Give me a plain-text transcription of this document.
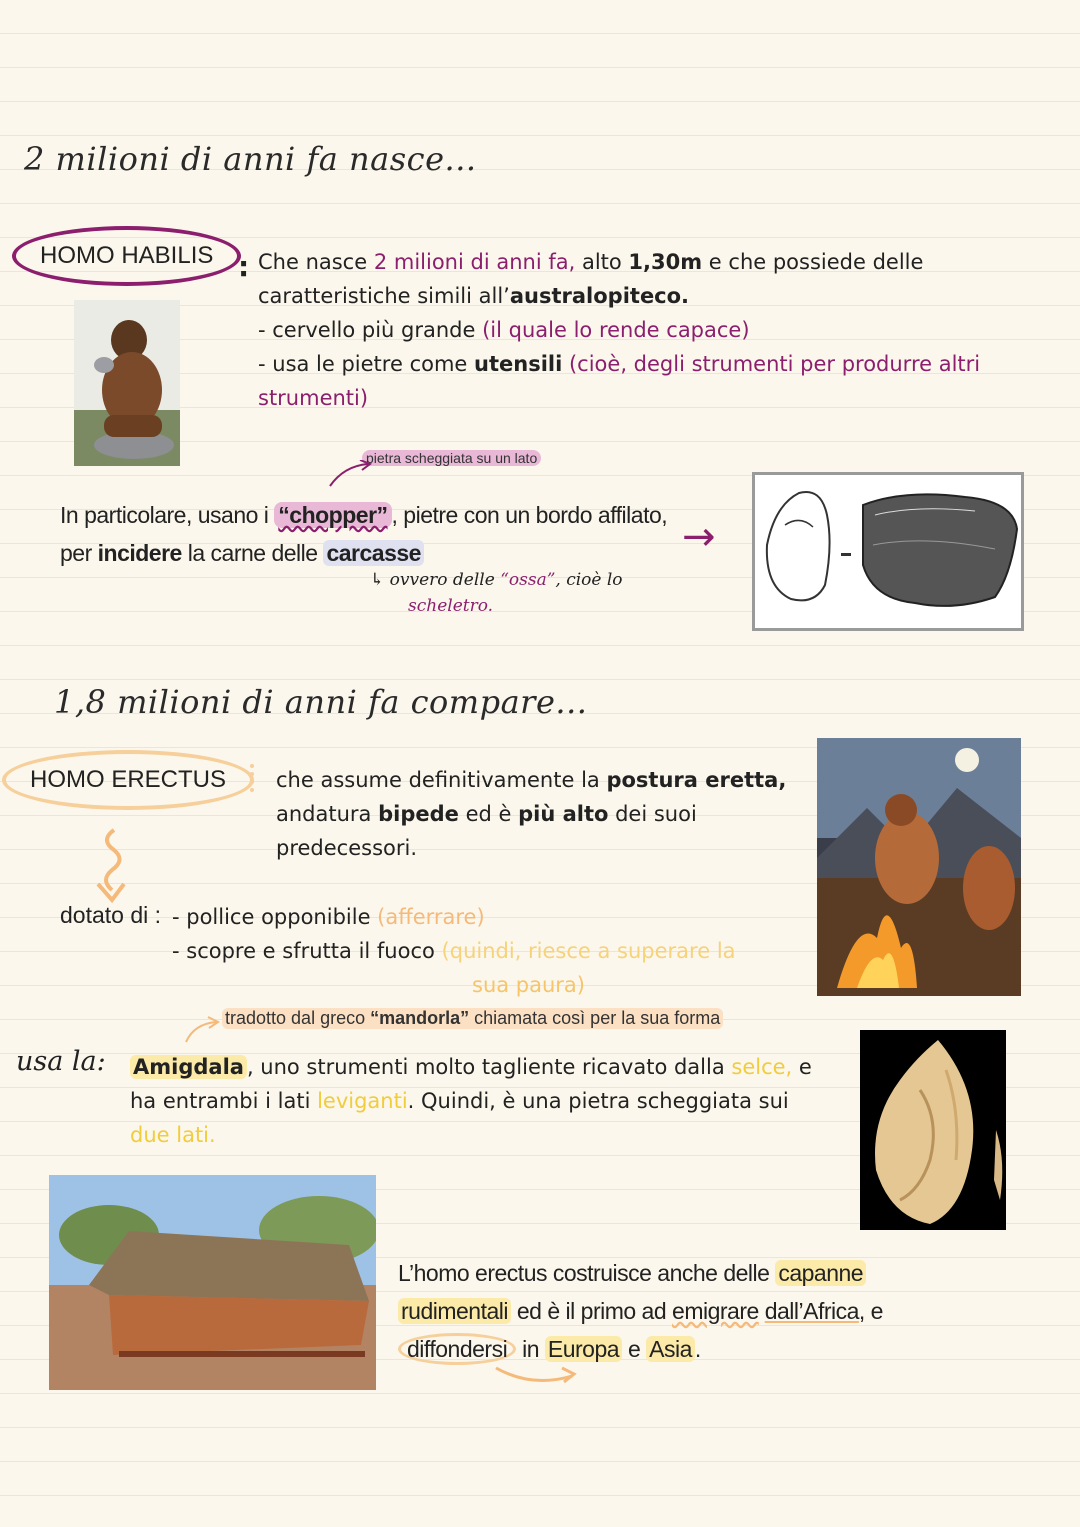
2 milioni di anni fa nasce...
HOMO HABILIS : Che nasce 2 milioni di anni fa, alto 1,30m e che possiede delle
caratteristiche simili all’australopiteco.
- cervello più grande (il quale lo rende capace)
- usa le pietre come utensili (cioè, degli strumenti per produrre altri
strumenti)
pietra scheggiata su un lato
In particolare, usano i “chopper” , pietre con un bordo affilato,
per incidere la carne delle carcasse
↳ ovvero delle “ossa”, cioè lo
scheletro.
→
1,8 milioni di anni fa compare...
HOMO ERECTUS	che assume definitivamente la postura eretta,
andatura bipede ed è più alto dei suoi
predecessori.
dotato di : - pollice opponibile (afferrare)
- scopre e sfrutta il fuoco (quindi, riesce a superare la
sua paura)
tradotto dal greco “mandorla” chiamata così per la sua forma
usa la: Amigdala , uno strumenti molto tagliente ricavato dalla selce, e
ha entrambi i lati leviganti. Quindi, è una pietra scheggiata sui
due lati.
L’homo erectus costruisce anche delle capanne
rudimentali ed è il primo ad emigrare dall’Africa, e
diffondersi in Europa e Asia .
